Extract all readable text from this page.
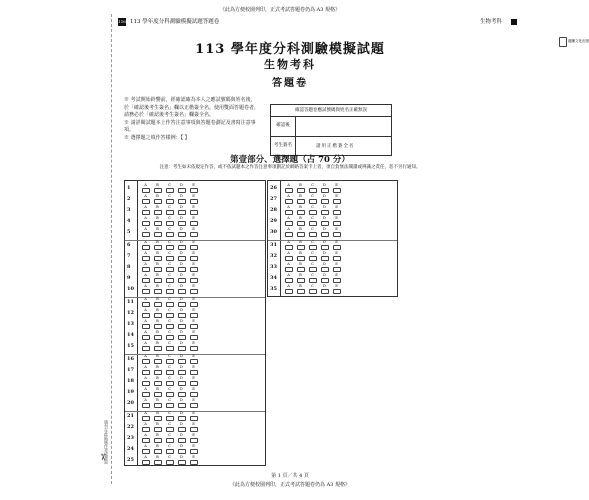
《此為方便校園列印，正式考試答題卷仍為 A3 規格》
116 113 學年度分科測驗模擬試題答題卷
龍騰文化出版
生物考科
113 學年度分科測驗模擬試題
生物考科
答題卷
※ 考試開始鈴響前，經確認確為本人之應試號碼與姓名後，於「確認後考生簽名」欄以正楷簽全名。使用雙面答題卷者，請務必於「確認後考生簽名」欄簽全名。
※ 請詳閱試題本上作答注意事項與答題卷劃記及書寫注意事項。
※ 選擇題之填作答樣例：【 】
確認答題卷應試號碼與姓名正確無誤
確認後
考生簽名	請用正楷簽全名
第壹部分、選擇題（占 70 分）
注意：考生如未依規定作答，或不依試題本之作答注意事項劃記於網路答案卡上者，須自負無法閱讀或辨識之責任，恕不另行通知。
1	A	B	C	D	E
2	A	B	C	D	E
3	A	B	C	D	E
4	A	B	C	D	E
5	A	B	C	D	E
6	A	B	C	D	E
7	A	B	C	D	E
8	A	B	C	D	E
9	A	B	C	D	E
10	A	B	C	D	E
11	A	B	C	D	E
12	A	B	C	D	E
13	A	B	C	D	E
14	A	B	C	D	E
15	A	B	C	D	E
16	A	B	C	D	E
17	A	B	C	D	E
18	A	B	C	D	E
19	A	B	C	D	E
20	A	B	C	D	E
21	A	B	C	D	E
22	A	B	C	D	E
23	A	B	C	D	E
24	A	B	C	D	E
25	A	B	C	D	E
26	A	B	C	D	E
27	A	B	C	D	E
28	A	B	C	D	E
29	A	B	C	D	E
30	A	B	C	D	E
31	A	B	C	D	E
32	A	B	C	D	E
33	A	B	C	D	E
34	A	B	C	D	E
35	A	B	C	D	E
請勿在此區域作答或書寫
✂
第 1 頁／共 4 頁
《此為方便校園列印，正式考試答題卷仍為 A3 規格》
